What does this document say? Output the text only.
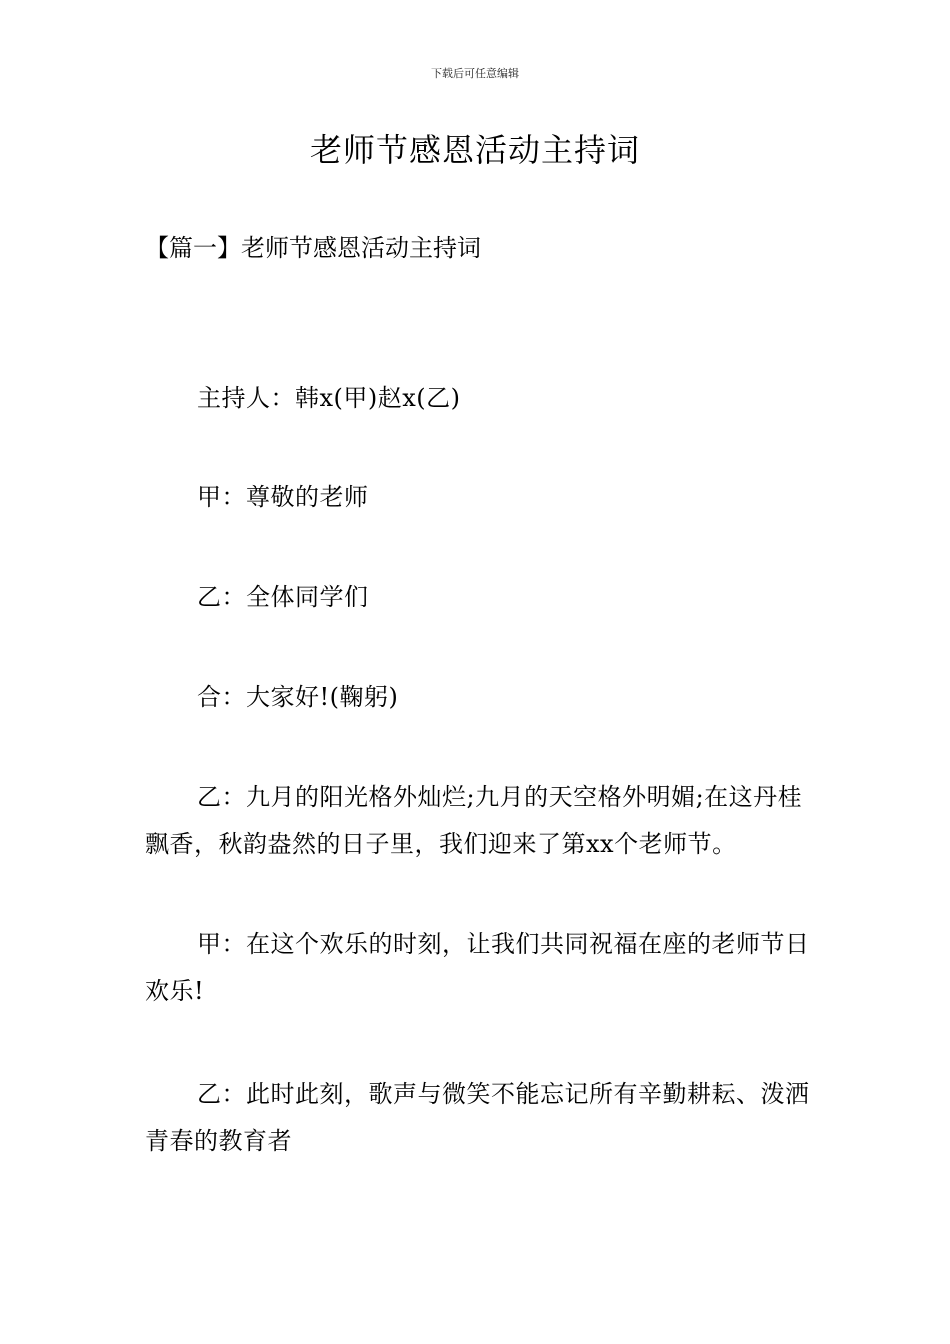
下载后可任意编辑
老师节感恩活动主持词
【篇一】老师节感恩活动主持词

主持人：韩x(甲)赵x(乙)

甲：尊敬的老师

乙：全体同学们

合：大家好!(鞠躬)

乙：九月的阳光格外灿烂;九月的天空格外明媚;在这丹桂飘香，秋韵盎然的日子里，我们迎来了第xx个老师节。

甲：在这个欢乐的时刻，让我们共同祝福在座的老师节日欢乐!

乙：此时此刻，歌声与微笑不能忘记所有辛勤耕耘、泼洒青春的教育者
